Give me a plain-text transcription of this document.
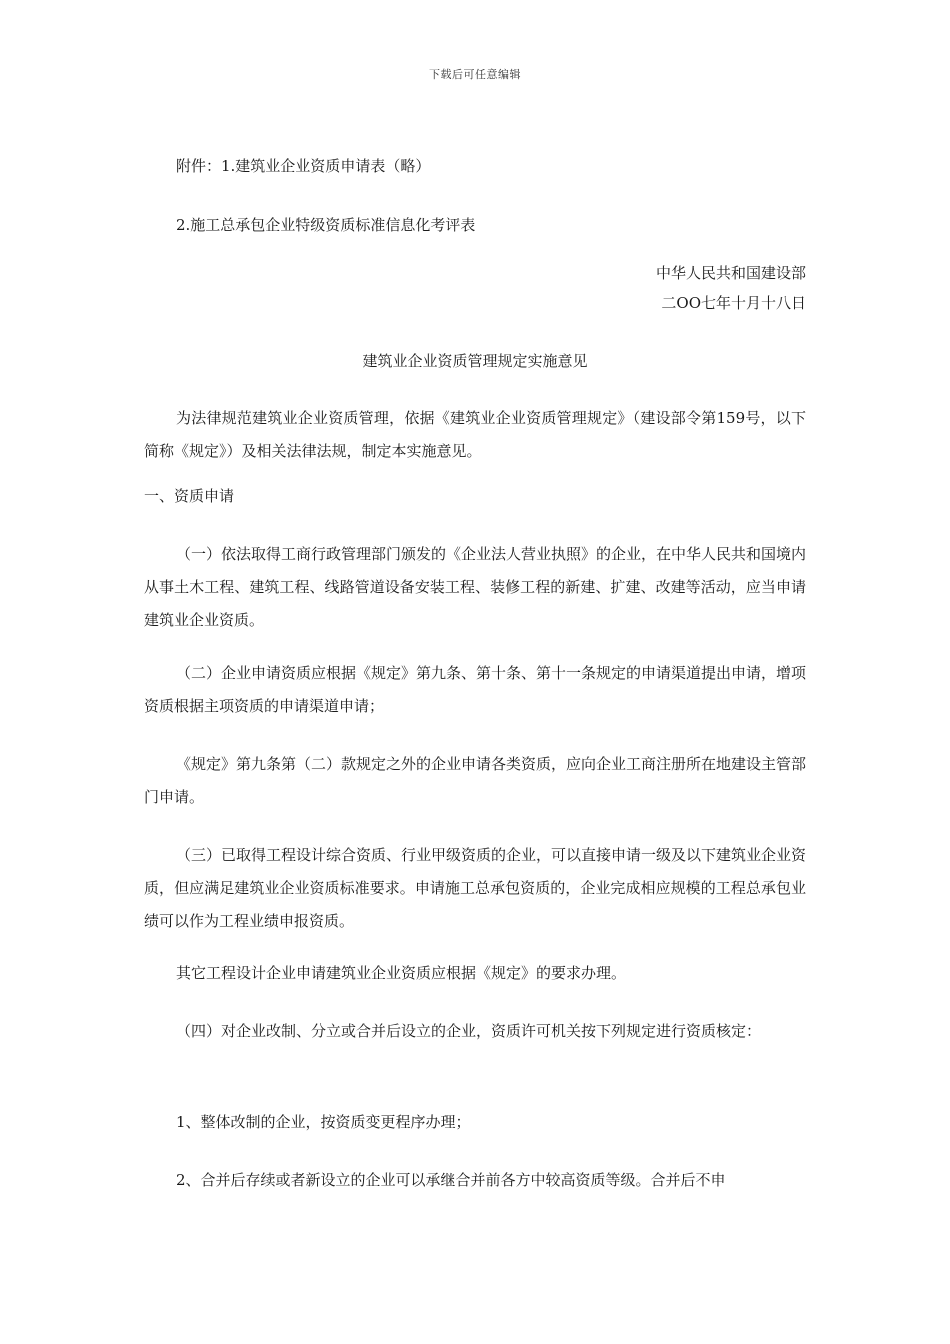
下载后可任意编辑
附件：1.建筑业企业资质申请表（略）
2.施工总承包企业特级资质标准信息化考评表
中华人民共和国建设部
二OO七年十月十八日
建筑业企业资质管理规定实施意见
为法律规范建筑业企业资质管理，依据《建筑业企业资质管理规定》（建设部令第159号，以下简称《规定》）及相关法律法规，制定本实施意见。
一、资质申请
（一）依法取得工商行政管理部门颁发的《企业法人营业执照》的企业，在中华人民共和国境内从事土木工程、建筑工程、线路管道设备安装工程、装修工程的新建、扩建、改建等活动，应当申请建筑业企业资质。
（二）企业申请资质应根据《规定》第九条、第十条、第十一条规定的申请渠道提出申请，增项资质根据主项资质的申请渠道申请；
《规定》第九条第（二）款规定之外的企业申请各类资质，应向企业工商注册所在地建设主管部门申请。
（三）已取得工程设计综合资质、行业甲级资质的企业，可以直接申请一级及以下建筑业企业资质，但应满足建筑业企业资质标准要求。申请施工总承包资质的，企业完成相应规模的工程总承包业绩可以作为工程业绩申报资质。
其它工程设计企业申请建筑业企业资质应根据《规定》的要求办理。
（四）对企业改制、分立或合并后设立的企业，资质许可机关按下列规定进行资质核定：
1、整体改制的企业，按资质变更程序办理；
2、合并后存续或者新设立的企业可以承继合并前各方中较高资质等级。合并后不申
